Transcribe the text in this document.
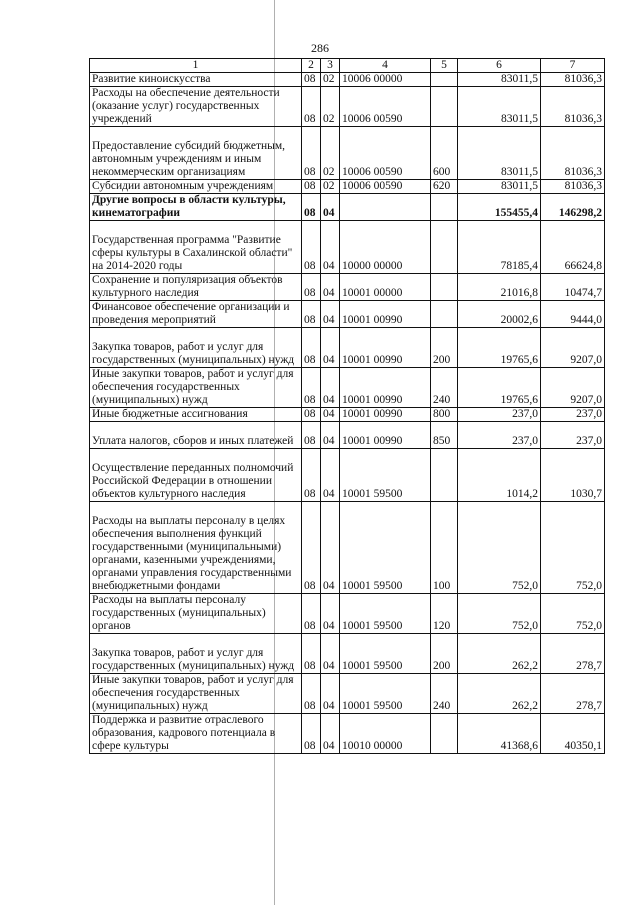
286
1	2	3	4	5	6	7
Развитие киноискусства	08	02	10006 00000		83011,5	81036,3
Расходы на обеспечение деятельности (оказание услуг) государственных учреждений	08	02	10006 00590		83011,5	81036,3
Предоставление субсидий бюджетным, автономным учреждениям и иным некоммерческим организациям	08	02	10006 00590	600	83011,5	81036,3
Субсидии автономным учреждениям	08	02	10006 00590	620	83011,5	81036,3
Другие вопросы в области культуры, кинематографии	08	04			155455,4	146298,2
Государственная программа "Развитие сферы культуры в Сахалинской области" на 2014-2020 годы	08	04	10000 00000		78185,4	66624,8
Сохранение и популяризация объектов культурного наследия	08	04	10001 00000		21016,8	10474,7
Финансовое обеспечение организации и проведения мероприятий	08	04	10001 00990		20002,6	9444,0
Закупка товаров, работ и услуг для государственных (муниципальных) нужд	08	04	10001 00990	200	19765,6	9207,0
Иные закупки товаров, работ и услуг для обеспечения государственных (муниципальных) нужд	08	04	10001 00990	240	19765,6	9207,0
Иные бюджетные ассигнования	08	04	10001 00990	800	237,0	237,0
Уплата налогов, сборов и иных платежей	08	04	10001 00990	850	237,0	237,0
Осуществление переданных полномочий Российской Федерации в отношении объектов культурного наследия	08	04	10001 59500		1014,2	1030,7
Расходы на выплаты персоналу в целях обеспечения выполнения функций государственными (муниципальными) органами, казенными учреждениями, органами управления государственными внебюджетными фондами	08	04	10001 59500	100	752,0	752,0
Расходы на выплаты персоналу государственных (муниципальных) органов	08	04	10001 59500	120	752,0	752,0
Закупка товаров, работ и услуг для государственных (муниципальных) нужд	08	04	10001 59500	200	262,2	278,7
Иные закупки товаров, работ и услуг для обеспечения государственных (муниципальных) нужд	08	04	10001 59500	240	262,2	278,7
Поддержка и развитие отраслевого образования, кадрового потенциала в сфере культуры	08	04	10010 00000		41368,6	40350,1
